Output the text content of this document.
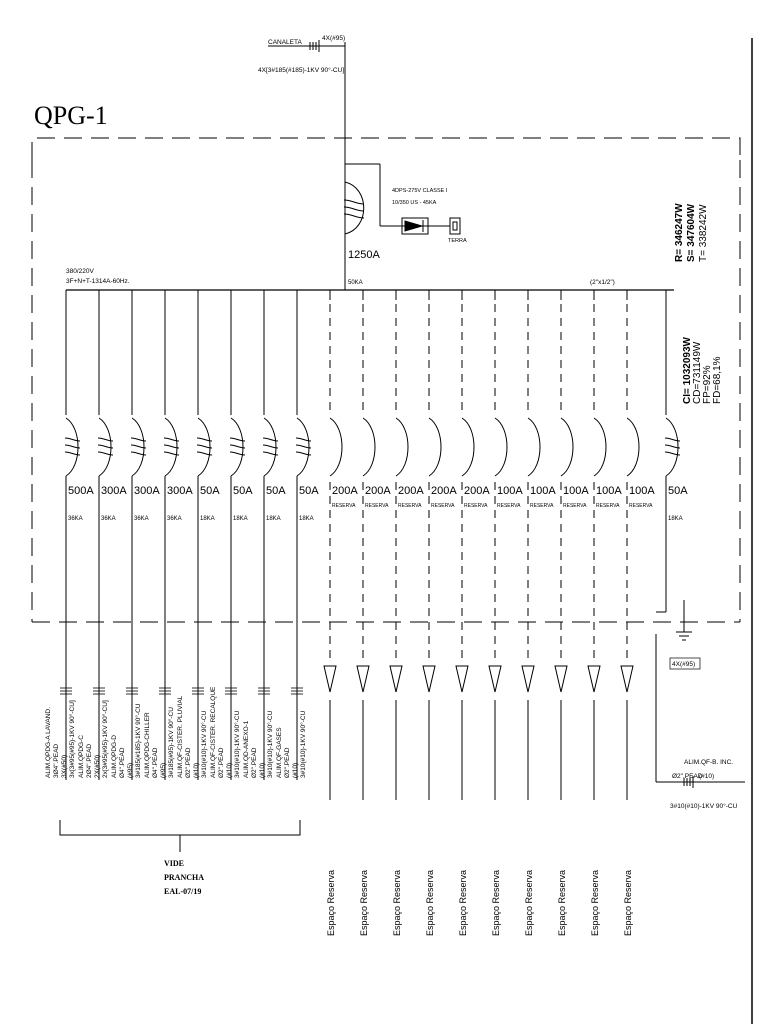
ALIM.QPDG-A LAVAND. 3Ø4".PEAD 3X(#50) 3x[3#95(#95)-1KV 90°-CU]
500A
36KA
ALIM.QPDG-C 2Ø4".PEAD 2X(#50) 2x[3#95(#95)-1KV 90°-CU]
300A
36KA
ALIM.QPDG-D Ø4".PEAD (#95) 3#185(#185)-1KV 90°-CU
300A
36KA
ALIM.QPDG-CHILLER Ø4".PEAD (#95) 3#185(#95)-1KV 90°-CU
300A
36KA
ALIM.QF-CISTER. PLUVIAL Ø2".PEAD (#10) 3#10(#10)-1KV 90°-CU
50A
18KA
ALIM.QF-CISTER. RECALQUE Ø2".PEAD (#10) 3#10(#10)-1KV 90°-CU
50A
18KA
ALIM.QD-ANEXO-1 Ø2".PEAD (#10) 3#10(#10)-1KV 90°-CU
50A
18KA
ALIM.QF-GASES Ø2".PEAD (#10) 3#10(#10)-1KV 90°-CU
50A
18KA
Espaço Reserva
200A
RESERVA
Espaço Reserva
200A
RESERVA
Espaço Reserva
200A
RESERVA
Espaço Reserva
200A
RESERVA
Espaço Reserva
200A
RESERVA
Espaço Reserva
100A
RESERVA
Espaço Reserva
100A
RESERVA
Espaço Reserva
100A
RESERVA
Espaço Reserva
100A
RESERVA
Espaço Reserva
100A
RESERVA
ALIM.QF-B. INC.
Ø2".PEAD
(#10)
3#10(#10)-1KV 90°-CU
50A
18KA
QPG-1
CANALETA
4X(#95)
4X[3#185(#185)-1KV 90°-CU]
4DPS-275V CLASSE I
10/350 US - 45KA
TERRA
1250A
50KA
380/220V
3F+N+T-1314A-60Hz.	(2"x1/2")
4X(#95)
R= 346247W S= 347604W T= 338242W
CI= 1032093W CD=731149W FP=92% FD=68,1%
VIDE
PRANCHA
EAL-07/19
